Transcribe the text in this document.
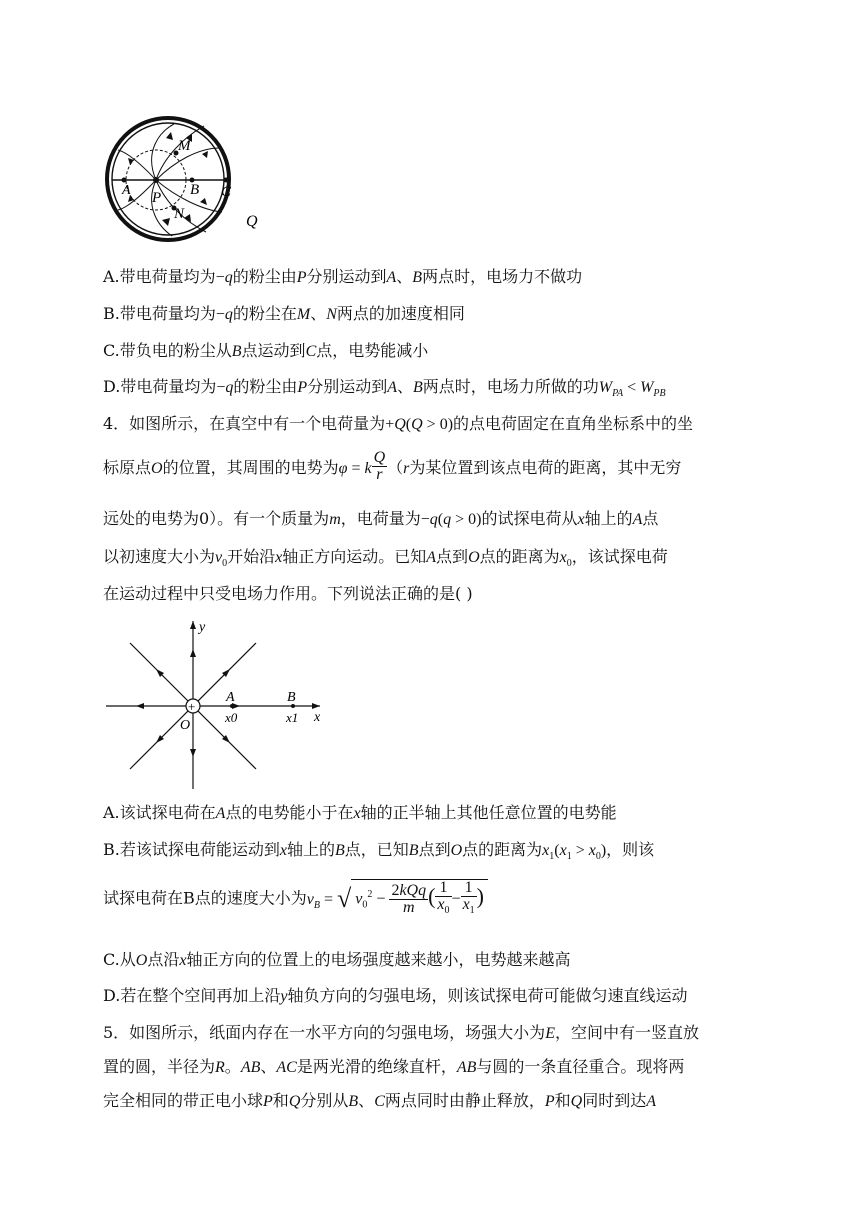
M
A P B C
N	Q
A.带电荷量均为−q的粉尘由P分别运动到A、B两点时，电场力不做功
B.带电荷量均为−q的粉尘在M、N两点的加速度相同
C.带负电的粉尘从B点运动到C点，电势能减小
D.带电荷量均为−q的粉尘由P分别运动到A、B两点时，电场力所做的功$W_{PA} < W_{PB}$
4．如图所示，在真空中有一个电荷量为+Q(Q > 0)的点电荷固定在直角坐标系中的坐
标原点O的位置，其周围的电势为φ = k $\frac{Q}{r} (r$为某位置到该点电荷的距离，其中无穷
远处的电势为0）。有一个质量为m，电荷量为−q(q > 0)的试探电荷从x轴上的A点
以初速度大小为$v_0$开始沿x轴正方向运动。已知A点到O点的距离为$x_0$，该试探电荷
在运动过程中只受电场力作用。下列说法正确的是( )
+
y
A	B
x0	x1 x
O
A.该试探电荷在A点的电势能小于在x轴的正半轴上其他任意位置的电势能
B.若该试探电荷能运动到x轴上的B点，已知B点到O点的距离为$x_1(x_1 > x_0)$，则该
试探电荷在B点的速度大小为$v_B$ = √ $v_0^2 - \frac{\text{2kQq}}{m}$ ( $\frac{1}{x_0} - \frac{1}{x_1}$ )
C.从O点沿x轴正方向的位置上的电场强度越来越小，电势越来越高
D.若在整个空间再加上沿y轴负方向的匀强电场，则该试探电荷可能做匀速直线运动
5．如图所示，纸面内存在一水平方向的匀强电场，场强大小为E，空间中有一竖直放
置的圆，半径为R。AB、AC是两光滑的绝缘直杆，AB与圆的一条直径重合。现将两
完全相同的带正电小球P和Q分别从B、C两点同时由静止释放，P和Q同时到达A
